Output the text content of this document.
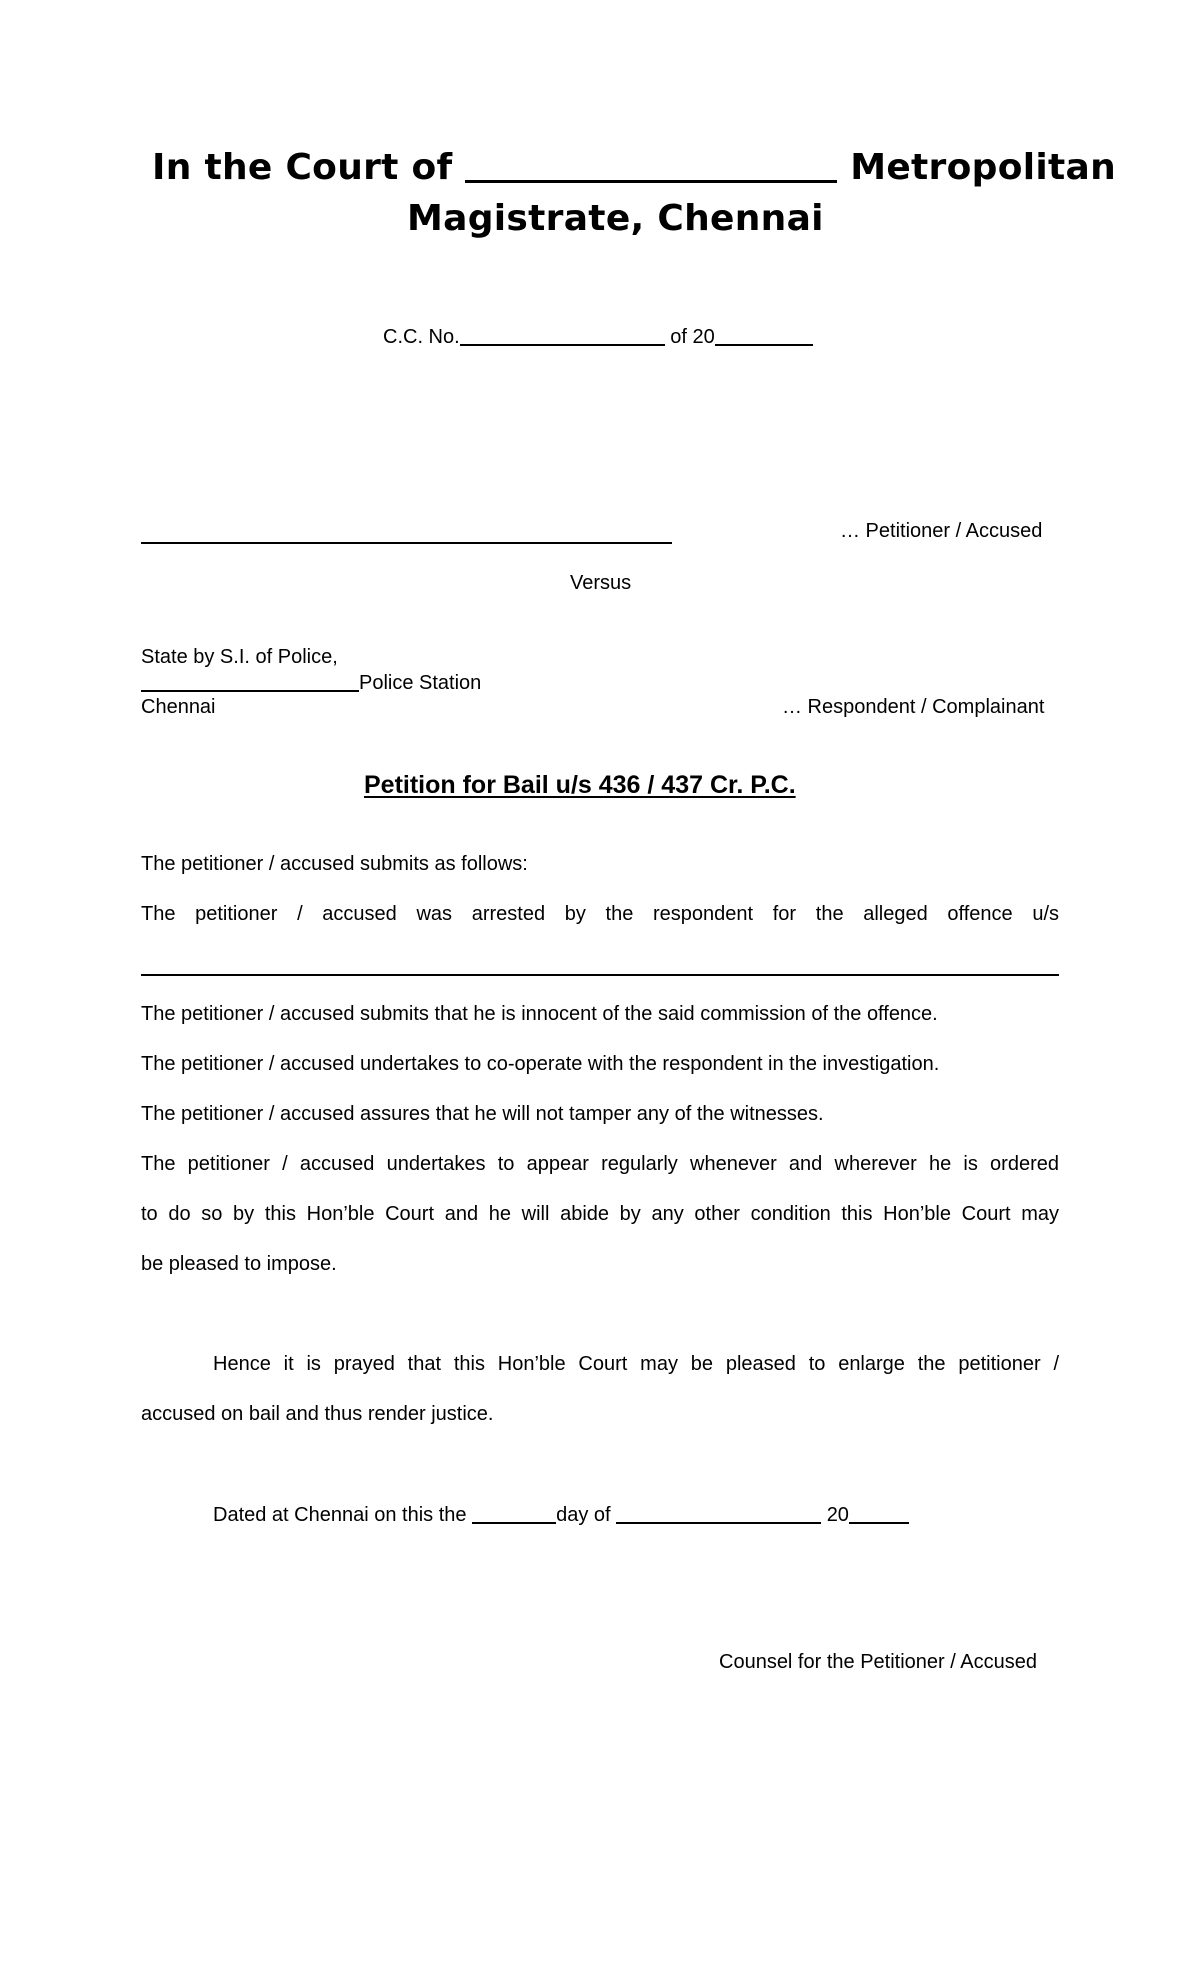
In the Court of	Metropolitan
Magistrate, Chennai
C.C. No.	of 20
… Petitioner / Accused
Versus
State by S.I. of Police,
Police Station
Chennai	… Respondent / Complainant
Petition for Bail u/s 436 / 437 Cr. P.C.
The petitioner / accused submits as follows:
The petitioner / accused was arrested by the respondent for the alleged offence u/s
The petitioner / accused submits that he is innocent of the said commission of the offence.
The petitioner / accused undertakes to co-operate with the respondent in the investigation.
The petitioner / accused assures that he will not tamper any of the witnesses.
The petitioner / accused undertakes to appear regularly whenever and wherever he is ordered
to do so by this Hon’ble Court and he will abide by any other condition this Hon’ble Court may
be pleased to impose.
Hence it is prayed that this Hon’ble Court may be pleased to enlarge the petitioner /
accused on bail and thus render justice.
Dated at Chennai on this the	day of	20
Counsel for the Petitioner / Accused
